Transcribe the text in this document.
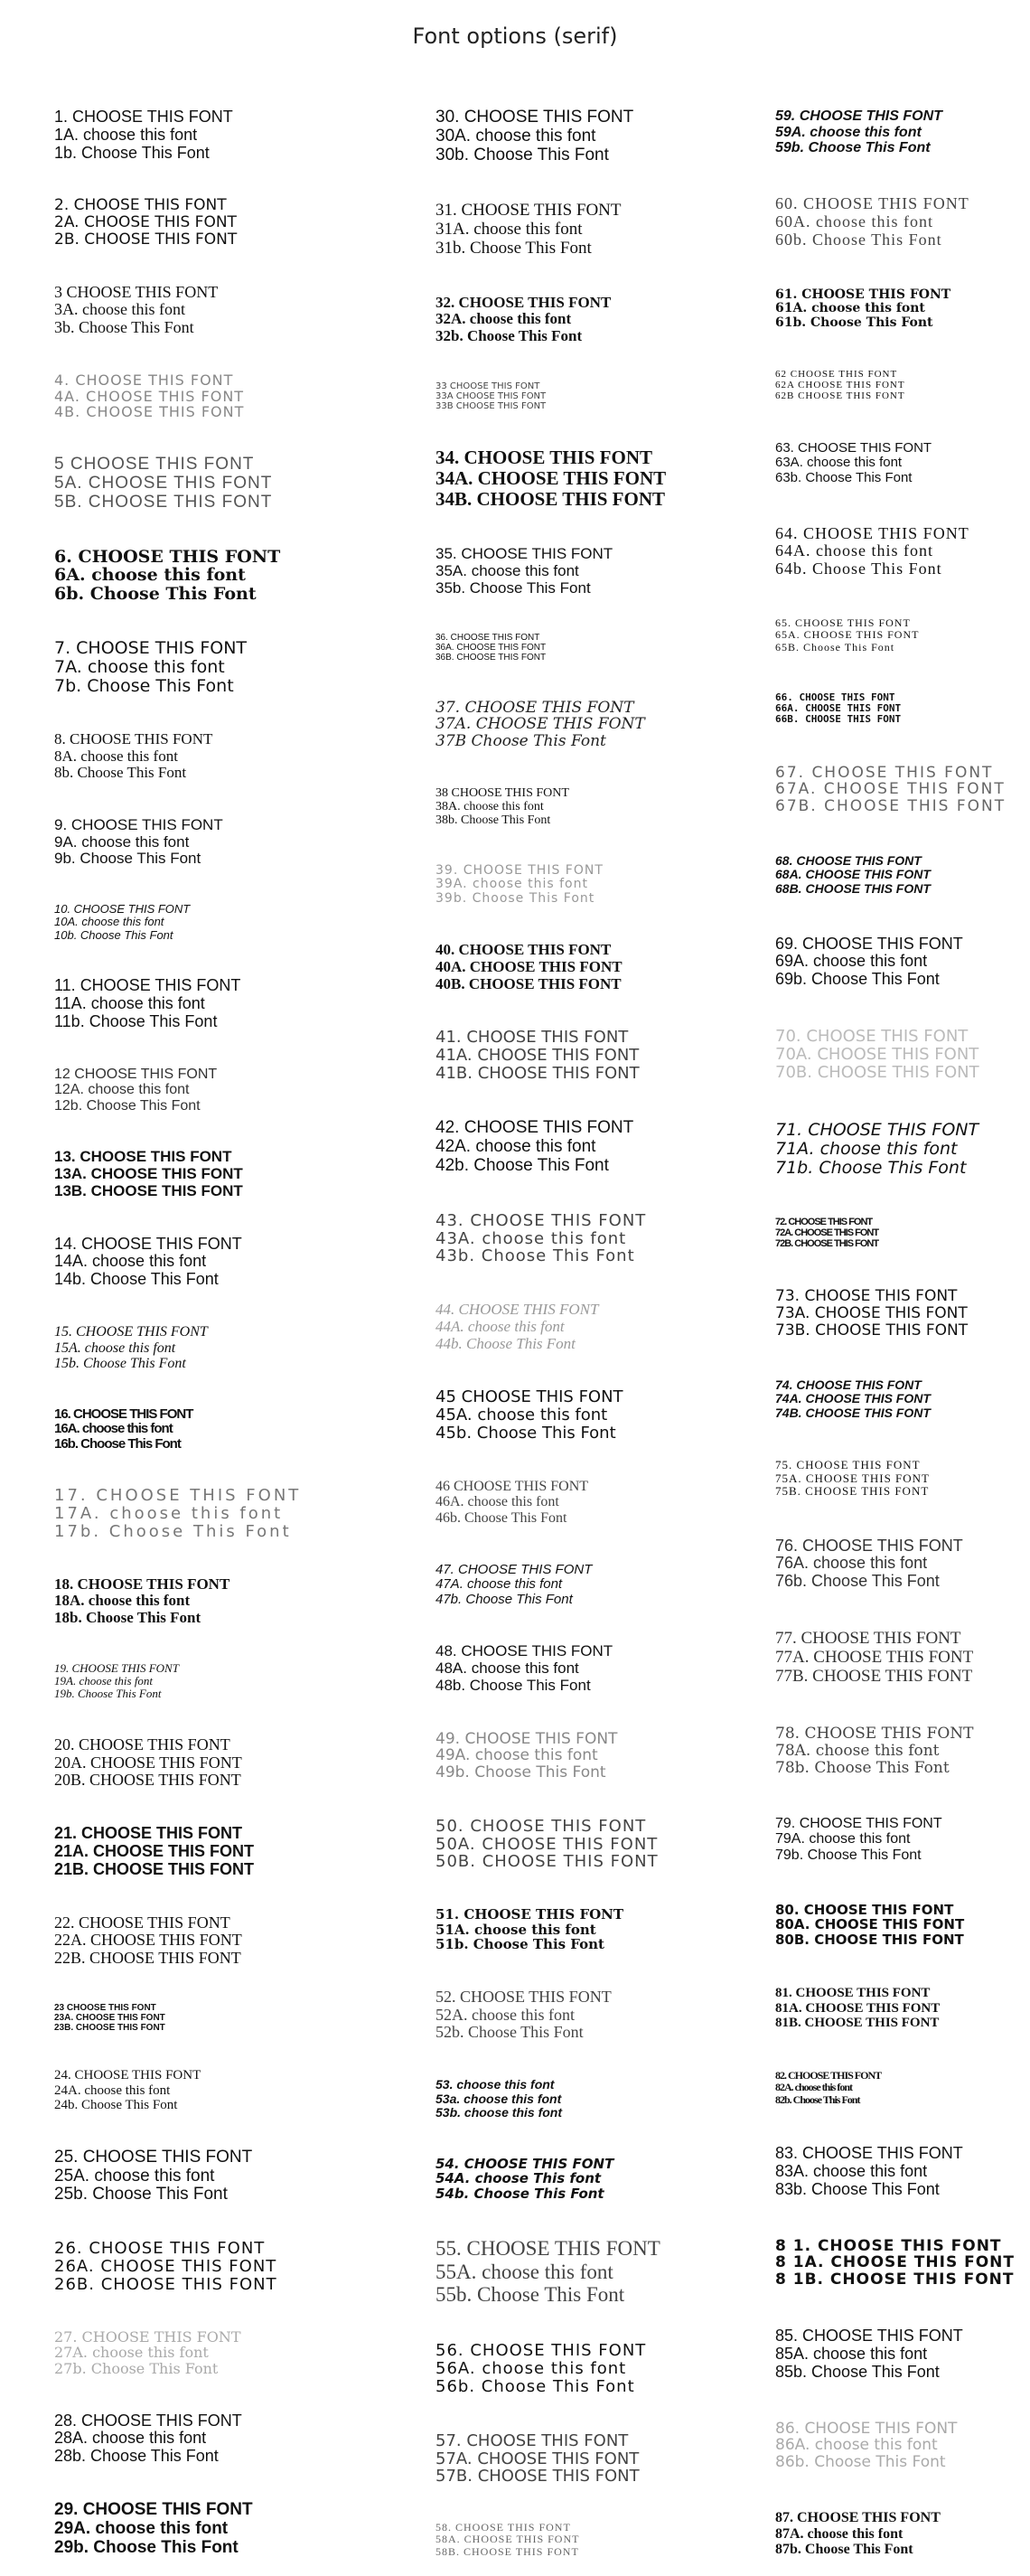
Font options (serif)
1. CHOOSE THIS FONT
1A. choose this font
1b. Choose This Font
2. CHOOSE THIS FONT
2A. CHOOSE THIS FONT
2B. CHOOSE THIS FONT
3 CHOOSE THIS FONT
3A. choose this font
3b. Choose This Font
4. CHOOSE THIS FONT
4A. CHOOSE THIS FONT
4B. CHOOSE THIS FONT
5 CHOOSE THIS FONT
5A. CHOOSE THIS FONT
5B. CHOOSE THIS FONT
6. CHOOSE THIS FONT
6A. choose this font
6b. Choose This Font
7. CHOOSE THIS FONT
7A. choose this font
7b. Choose This Font
8. CHOOSE THIS FONT
8A. choose this font
8b. Choose This Font
9. CHOOSE THIS FONT
9A. choose this font
9b. Choose This Font
10. CHOOSE THIS FONT
10A. choose this font
10b. Choose This Font
11. CHOOSE THIS FONT
11A. choose this font
11b. Choose This Font
12 CHOOSE THIS FONT
12A. choose this font
12b. Choose This Font
13. CHOOSE THIS FONT
13A. CHOOSE THIS FONT
13B. CHOOSE THIS FONT
14. CHOOSE THIS FONT
14A. choose this font
14b. Choose This Font
15. CHOOSE THIS FONT
15A. choose this font
15b. Choose This Font
16. CHOOSE THIS FONT
16A. choose this font
16b. Choose This Font
17. CHOOSE THIS FONT
17A. choose this font
17b. Choose This Font
18. CHOOSE THIS FONT
18A. choose this font
18b. Choose This Font
19. CHOOSE THIS FONT
19A. choose this font
19b. Choose This Font
20. CHOOSE THIS FONT
20A. CHOOSE THIS FONT
20B. CHOOSE THIS FONT
21. CHOOSE THIS FONT
21A. CHOOSE THIS FONT
21B. CHOOSE THIS FONT
22. CHOOSE THIS FONT
22A. CHOOSE THIS FONT
22B. CHOOSE THIS FONT
23 CHOOSE THIS FONT
23A. CHOOSE THIS FONT
23B. CHOOSE THIS FONT
24. CHOOSE THIS FONT
24A. choose this font
24b. Choose This Font
25. CHOOSE THIS FONT
25A. choose this font
25b. Choose This Font
26. CHOOSE THIS FONT
26A. CHOOSE THIS FONT
26B. CHOOSE THIS FONT
27. CHOOSE THIS FONT
27A. choose this font
27b. Choose This Font
28. CHOOSE THIS FONT
28A. choose this font
28b. Choose This Font
29. CHOOSE THIS FONT
29A. choose this font
29b. Choose This Font
30. CHOOSE THIS FONT
30A. choose this font
30b. Choose This Font
31. CHOOSE THIS FONT
31A. choose this font
31b. Choose This Font
32. CHOOSE THIS FONT
32A. choose this font
32b. Choose This Font
33 CHOOSE THIS FONT
33A CHOOSE THIS FONT
33B CHOOSE THIS FONT
34. CHOOSE THIS FONT
34A. CHOOSE THIS FONT
34B. CHOOSE THIS FONT
35. CHOOSE THIS FONT
35A. choose this font
35b. Choose This Font
36. CHOOSE THIS FONT
36A. CHOOSE THIS FONT
36B. CHOOSE THIS FONT
37. CHOOSE THIS FONT
37A. CHOOSE THIS FONT
37B Choose This Font
38 CHOOSE THIS FONT
38A. choose this font
38b. Choose This Font
39. CHOOSE THIS FONT
39A. choose this font
39b. Choose This Font
40. CHOOSE THIS FONT
40A. CHOOSE THIS FONT
40B. CHOOSE THIS FONT
41. CHOOSE THIS FONT
41A. CHOOSE THIS FONT
41B. CHOOSE THIS FONT
42. CHOOSE THIS FONT
42A. choose this font
42b. Choose This Font
43. CHOOSE THIS FONT
43A. choose this font
43b. Choose This Font
44. CHOOSE THIS FONT
44A. choose this font
44b. Choose This Font
45 CHOOSE THIS FONT
45A. choose this font
45b. Choose This Font
46 CHOOSE THIS FONT
46A. choose this font
46b. Choose This Font
47. CHOOSE THIS FONT
47A. choose this font
47b. Choose This Font
48. CHOOSE THIS FONT
48A. choose this font
48b. Choose This Font
49. CHOOSE THIS FONT
49A. choose this font
49b. Choose This Font
50. CHOOSE THIS FONT
50A. CHOOSE THIS FONT
50B. CHOOSE THIS FONT
51. CHOOSE THIS FONT
51A. choose this font
51b. Choose This Font
52. CHOOSE THIS FONT
52A. choose this font
52b. Choose This Font
53. choose this font
53a. choose this font
53b. choose this font
54. CHOOSE THIS FONT
54A. choose This font
54b. Choose This Font
55. CHOOSE THIS FONT
55A. choose this font
55b. Choose This Font
56. CHOOSE THIS FONT
56A. choose this font
56b. Choose This Font
57. CHOOSE THIS FONT
57A. CHOOSE THIS FONT
57B. CHOOSE THIS FONT
58. CHOOSE THIS FONT
58A. CHOOSE THIS FONT
58B. CHOOSE THIS FONT
59. CHOOSE THIS FONT
59A. choose this font
59b. Choose This Font
60. CHOOSE THIS FONT
60A. choose this font
60b. Choose This Font
61. CHOOSE THIS FONT
61A. choose this font
61b. Choose This Font
62 CHOOSE THIS FONT
62A CHOOSE THIS FONT
62B CHOOSE THIS FONT
63. CHOOSE THIS FONT
63A. choose this font
63b. Choose This Font
64. CHOOSE THIS FONT
64A. choose this font
64b. Choose This Font
65. CHOOSE THIS FONT
65A. CHOOSE THIS FONT
65B. Choose This Font
66. CHOOSE THIS FONT
66A. CHOOSE THIS FONT
66B. CHOOSE THIS FONT
67. CHOOSE THIS FONT
67A. CHOOSE THIS FONT
67B. CHOOSE THIS FONT
68. CHOOSE THIS FONT
68A. CHOOSE THIS FONT
68B. CHOOSE THIS FONT
69. CHOOSE THIS FONT
69A. choose this font
69b. Choose This Font
70. CHOOSE THIS FONT
70A. CHOOSE THIS FONT
70B. CHOOSE THIS FONT
71. CHOOSE THIS FONT
71A. choose this font
71b. Choose This Font
72. CHOOSE THIS FONT
72A. CHOOSE THIS FONT
72B. CHOOSE THIS FONT
73. CHOOSE THIS FONT
73A. CHOOSE THIS FONT
73B. CHOOSE THIS FONT
74. CHOOSE THIS FONT
74A. CHOOSE THIS FONT
74B. CHOOSE THIS FONT
75. CHOOSE THIS FONT
75A. CHOOSE THIS FONT
75B. CHOOSE THIS FONT
76. CHOOSE THIS FONT
76A. choose this font
76b. Choose This Font
77. CHOOSE THIS FONT
77A. CHOOSE THIS FONT
77B. CHOOSE THIS FONT
78. CHOOSE THIS FONT
78A. choose this font
78b. Choose This Font
79. CHOOSE THIS FONT
79A. choose this font
79b. Choose This Font
80. CHOOSE THIS FONT
80A. CHOOSE THIS FONT
80B. CHOOSE THIS FONT
81. CHOOSE THIS FONT
81A. CHOOSE THIS FONT
81B. CHOOSE THIS FONT
82. CHOOSE THIS FONT
82A. choose this font
82b. Choose This Font
83. CHOOSE THIS FONT
83A. choose this font
83b. Choose This Font
8 1. CHOOSE THIS FONT
8 1A. CHOOSE THIS FONT
8 1B. CHOOSE THIS FONT
85. CHOOSE THIS FONT
85A. choose this font
85b. Choose This Font
86. CHOOSE THIS FONT
86A. choose this font
86b. Choose This Font
87. CHOOSE THIS FONT
87A. choose this font
87b. Choose This Font
